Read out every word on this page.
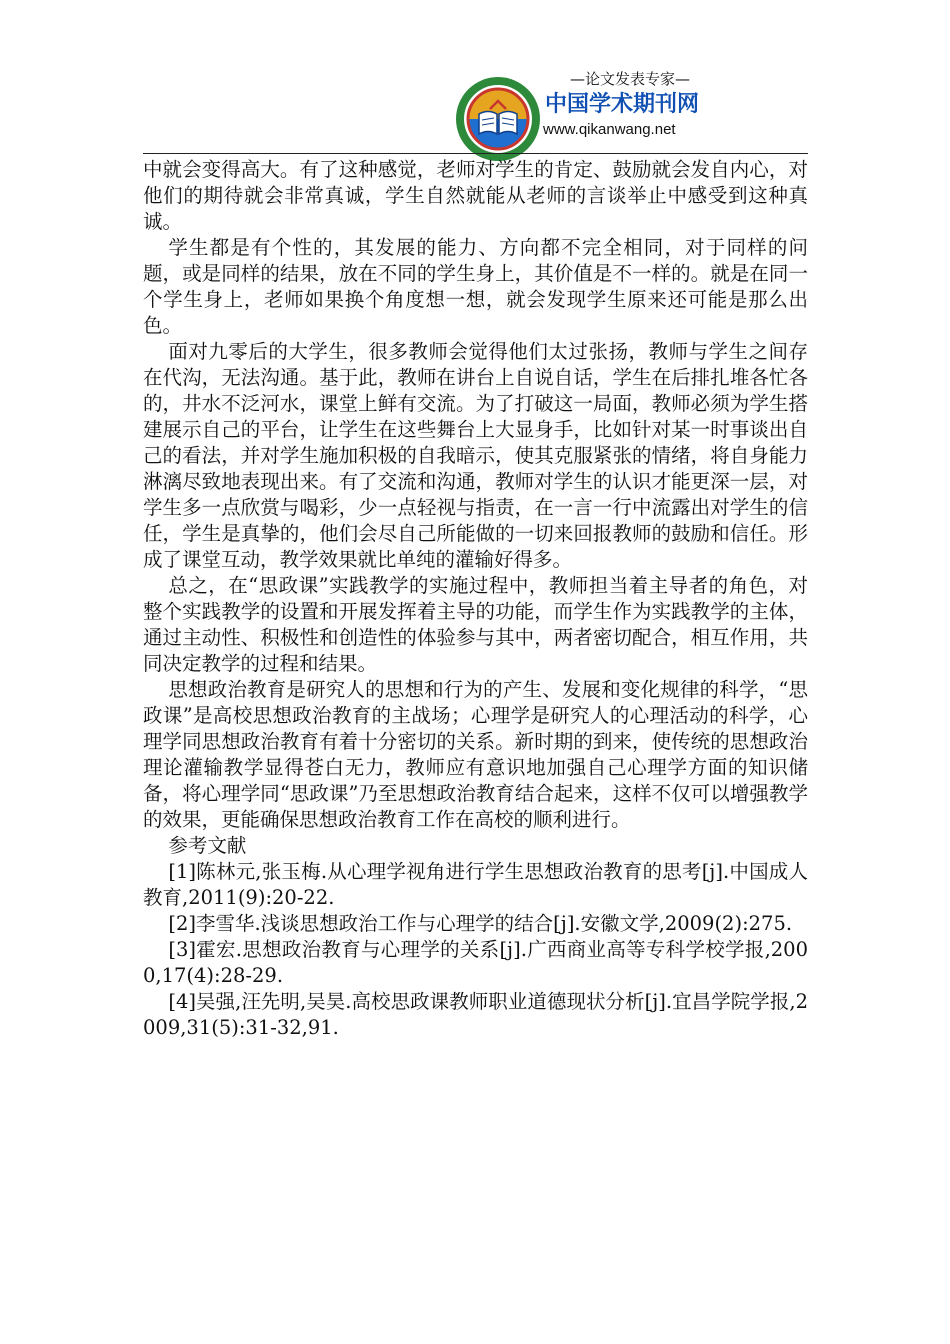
—论文发表专家—
中国学术期刊网
www.qikanwang.net

中就会变得高大。有了这种感觉，老师对学生的肯定、鼓励就会发自内心，对他们的期待就会非常真诚，学生自然就能从老师的言谈举止中感受到这种真诚。

学生都是有个性的，其发展的能力、方向都不完全相同，对于同样的问题，或是同样的结果，放在不同的学生身上，其价值是不一样的。就是在同一个学生身上，老师如果换个角度想一想，就会发现学生原来还可能是那么出色。

面对九零后的大学生，很多教师会觉得他们太过张扬，教师与学生之间存在代沟，无法沟通。基于此，教师在讲台上自说自话，学生在后排扎堆各忙各的，井水不泛河水，课堂上鲜有交流。为了打破这一局面，教师必须为学生搭建展示自己的平台，让学生在这些舞台上大显身手，比如针对某一时事谈出自己的看法，并对学生施加积极的自我暗示，使其克服紧张的情绪，将自身能力淋漓尽致地表现出来。有了交流和沟通，教师对学生的认识才能更深一层，对学生多一点欣赏与喝彩，少一点轻视与指责，在一言一行中流露出对学生的信任，学生是真挚的，他们会尽自己所能做的一切来回报教师的鼓励和信任。形成了课堂互动，教学效果就比单纯的灌输好得多。

总之，在“思政课”实践教学的实施过程中，教师担当着主导者的角色，对整个实践教学的设置和开展发挥着主导的功能，而学生作为实践教学的主体，通过主动性、积极性和创造性的体验参与其中，两者密切配合，相互作用，共同决定教学的过程和结果。

思想政治教育是研究人的思想和行为的产生、发展和变化规律的科学，“思政课”是高校思想政治教育的主战场；心理学是研究人的心理活动的科学，心理学同思想政治教育有着十分密切的关系。新时期的到来，使传统的思想政治理论灌输教学显得苍白无力，教师应有意识地加强自己心理学方面的知识储备，将心理学同“思政课”乃至思想政治教育结合起来，这样不仅可以增强教学的效果，更能确保思想政治教育工作在高校的顺利进行。

参考文献

[1]陈林元,张玉梅.从心理学视角进行学生思想政治教育的思考[j].中国成人教育,2011(9):20-22.

[2]李雪华.浅谈思想政治工作与心理学的结合[j].安徽文学,2009(2):275.

[3]霍宏.思想政治教育与心理学的关系[j].广西商业高等专科学校学报,2000,17(4):28-29.

[4]吴强,汪先明,吴昊.高校思政课教师职业道德现状分析[j].宜昌学院学报,2009,31(5):31-32,91.
